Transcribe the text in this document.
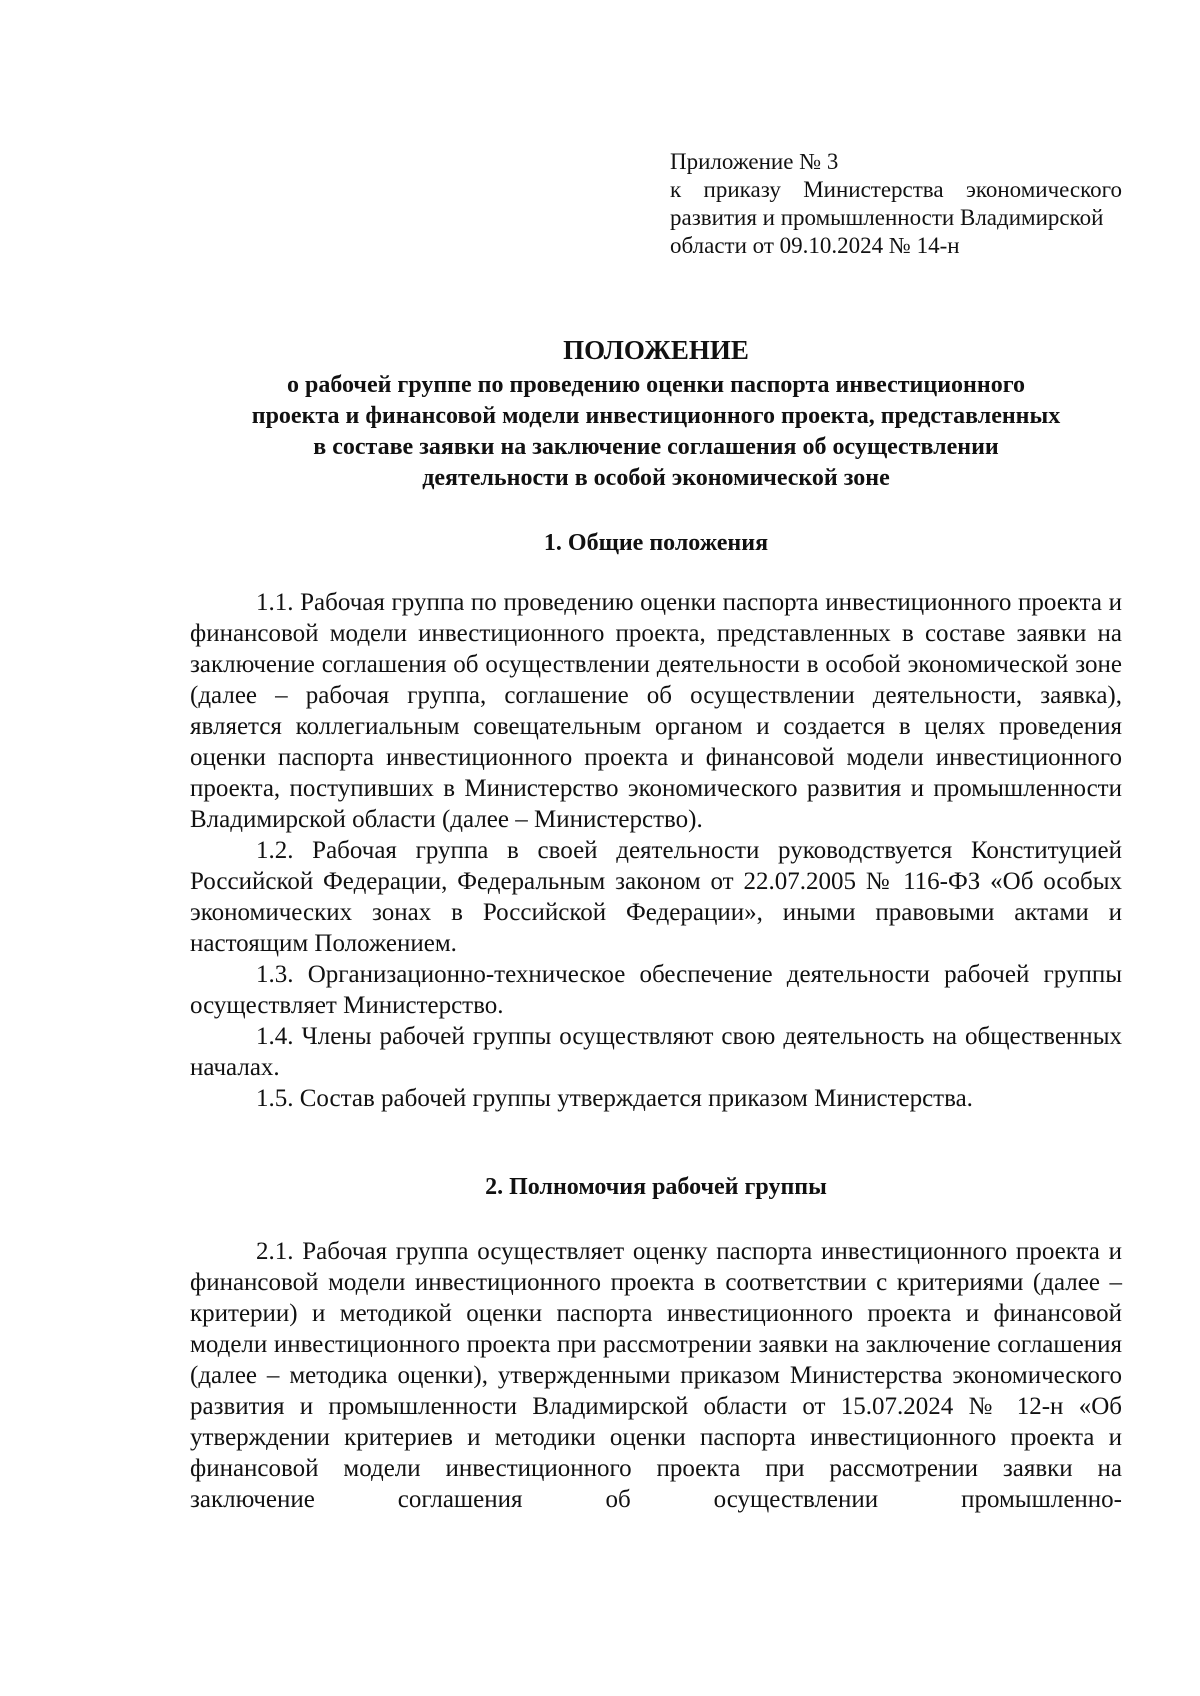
Приложение № 3

к приказу Министерства экономического развития и промышленности Владимирской

области от 09.10.2024 № 14-н

ПОЛОЖЕНИЕ

о рабочей группе по проведению оценки паспорта инвестиционного

проекта и финансовой модели инвестиционного проекта, представленных

в составе заявки на заключение соглашения об осуществлении

деятельности в особой экономической зоне

1. Общие положения

1.1. Рабочая группа по проведению оценки паспорта инвестиционного проекта и финансовой модели инвестиционного проекта, представленных в составе заявки на заключение соглашения об осуществлении деятельности в особой экономической зоне (далее – рабочая группа, соглашение об осуществлении деятельности, заявка), является коллегиальным совещательным органом и создается в целях проведения оценки паспорта инвестиционного проекта и финансовой модели инвестиционного проекта, поступивших в Министерство экономического развития и промышленности Владимирской области (далее – Министерство).

1.2. Рабочая группа в своей деятельности руководствуется Конституцией Российской Федерации, Федеральным законом от 22.07.2005 № 116-ФЗ «Об особых экономических зонах в Российской Федерации», иными правовыми актами и настоящим Положением.

1.3. Организационно-техническое обеспечение деятельности рабочей группы осуществляет Министерство.

1.4. Члены рабочей группы осуществляют свою деятельность на общественных началах.

1.5. Состав рабочей группы утверждается приказом Министерства.

2. Полномочия рабочей группы

2.1. Рабочая группа осуществляет оценку паспорта инвестиционного проекта и финансовой модели инвестиционного проекта в соответствии с критериями (далее – критерии) и методикой оценки паспорта инвестиционного проекта и финансовой модели инвестиционного проекта при рассмотрении заявки на заключение соглашения (далее – методика оценки), утвержденными приказом Министерства экономического развития и промышленности Владимирской области от 15.07.2024 № 12-н «Об утверждении критериев и методики оценки паспорта инвестиционного проекта и финансовой модели инвестиционного проекта при рассмотрении заявки на заключение соглашения об осуществлении промышленно-
